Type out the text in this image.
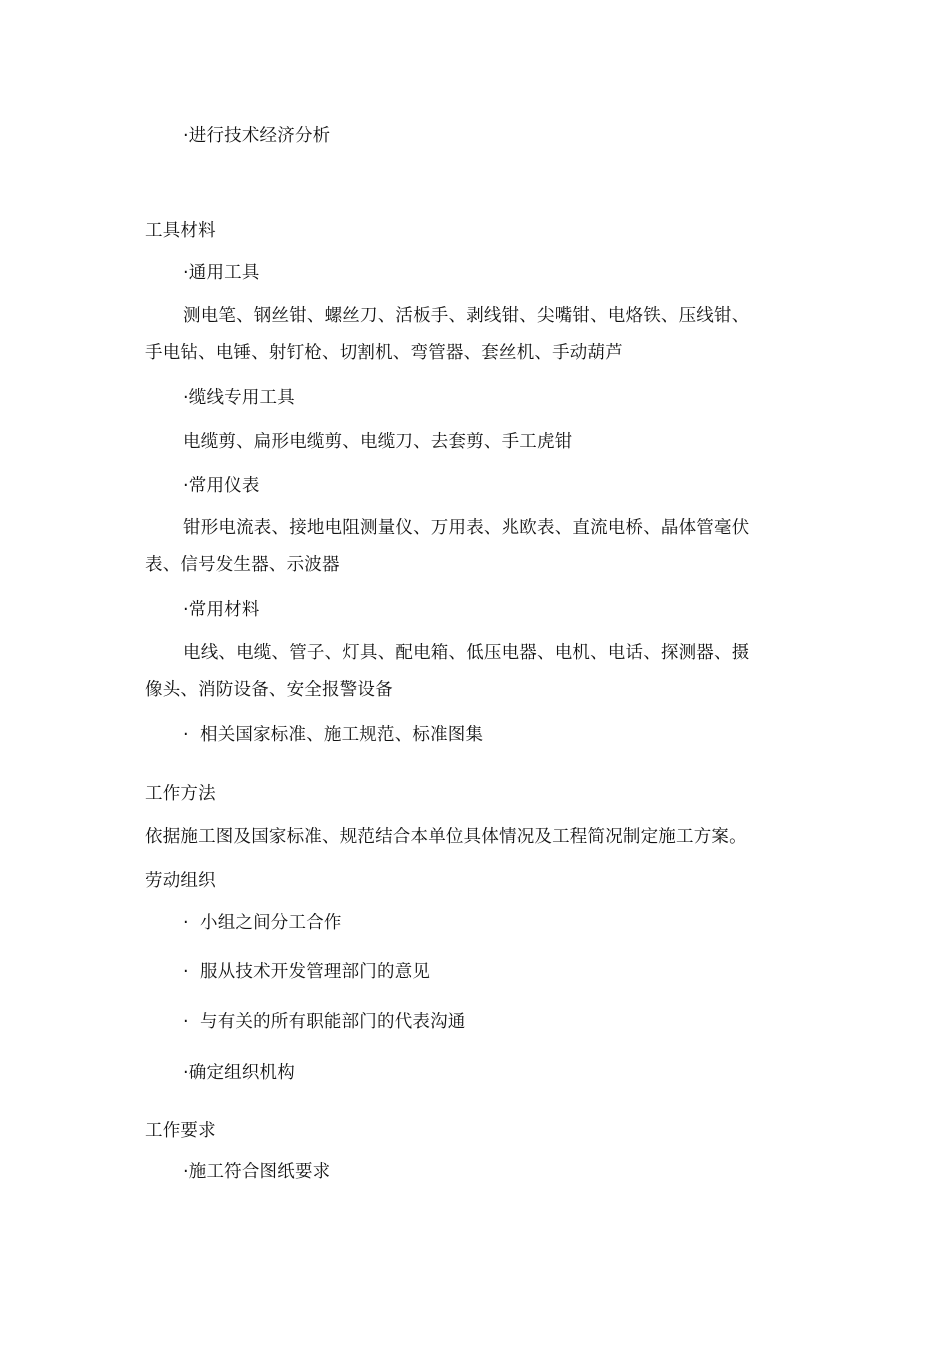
·进行技术经济分析
工具材料
·通用工具
测电笔、钢丝钳、螺丝刀、活板手、剥线钳、尖嘴钳、电烙铁、压线钳、手电钻、电锤、射钉枪、切割机、弯管器、套丝机、手动葫芦
·缆线专用工具
电缆剪、扁形电缆剪、电缆刀、去套剪、手工虎钳
·常用仪表
钳形电流表、接地电阻测量仪、万用表、兆欧表、直流电桥、晶体管毫伏表、信号发生器、示波器
·常用材料
电线、电缆、管子、灯具、配电箱、低压电器、电机、电话、探测器、摄像头、消防设备、安全报警设备
· 相关国家标准、施工规范、标准图集
工作方法
依据施工图及国家标准、规范结合本单位具体情况及工程简况制定施工方案。
劳动组织
· 小组之间分工合作
· 服从技术开发管理部门的意见
· 与有关的所有职能部门的代表沟通
·确定组织机构
工作要求
·施工符合图纸要求
